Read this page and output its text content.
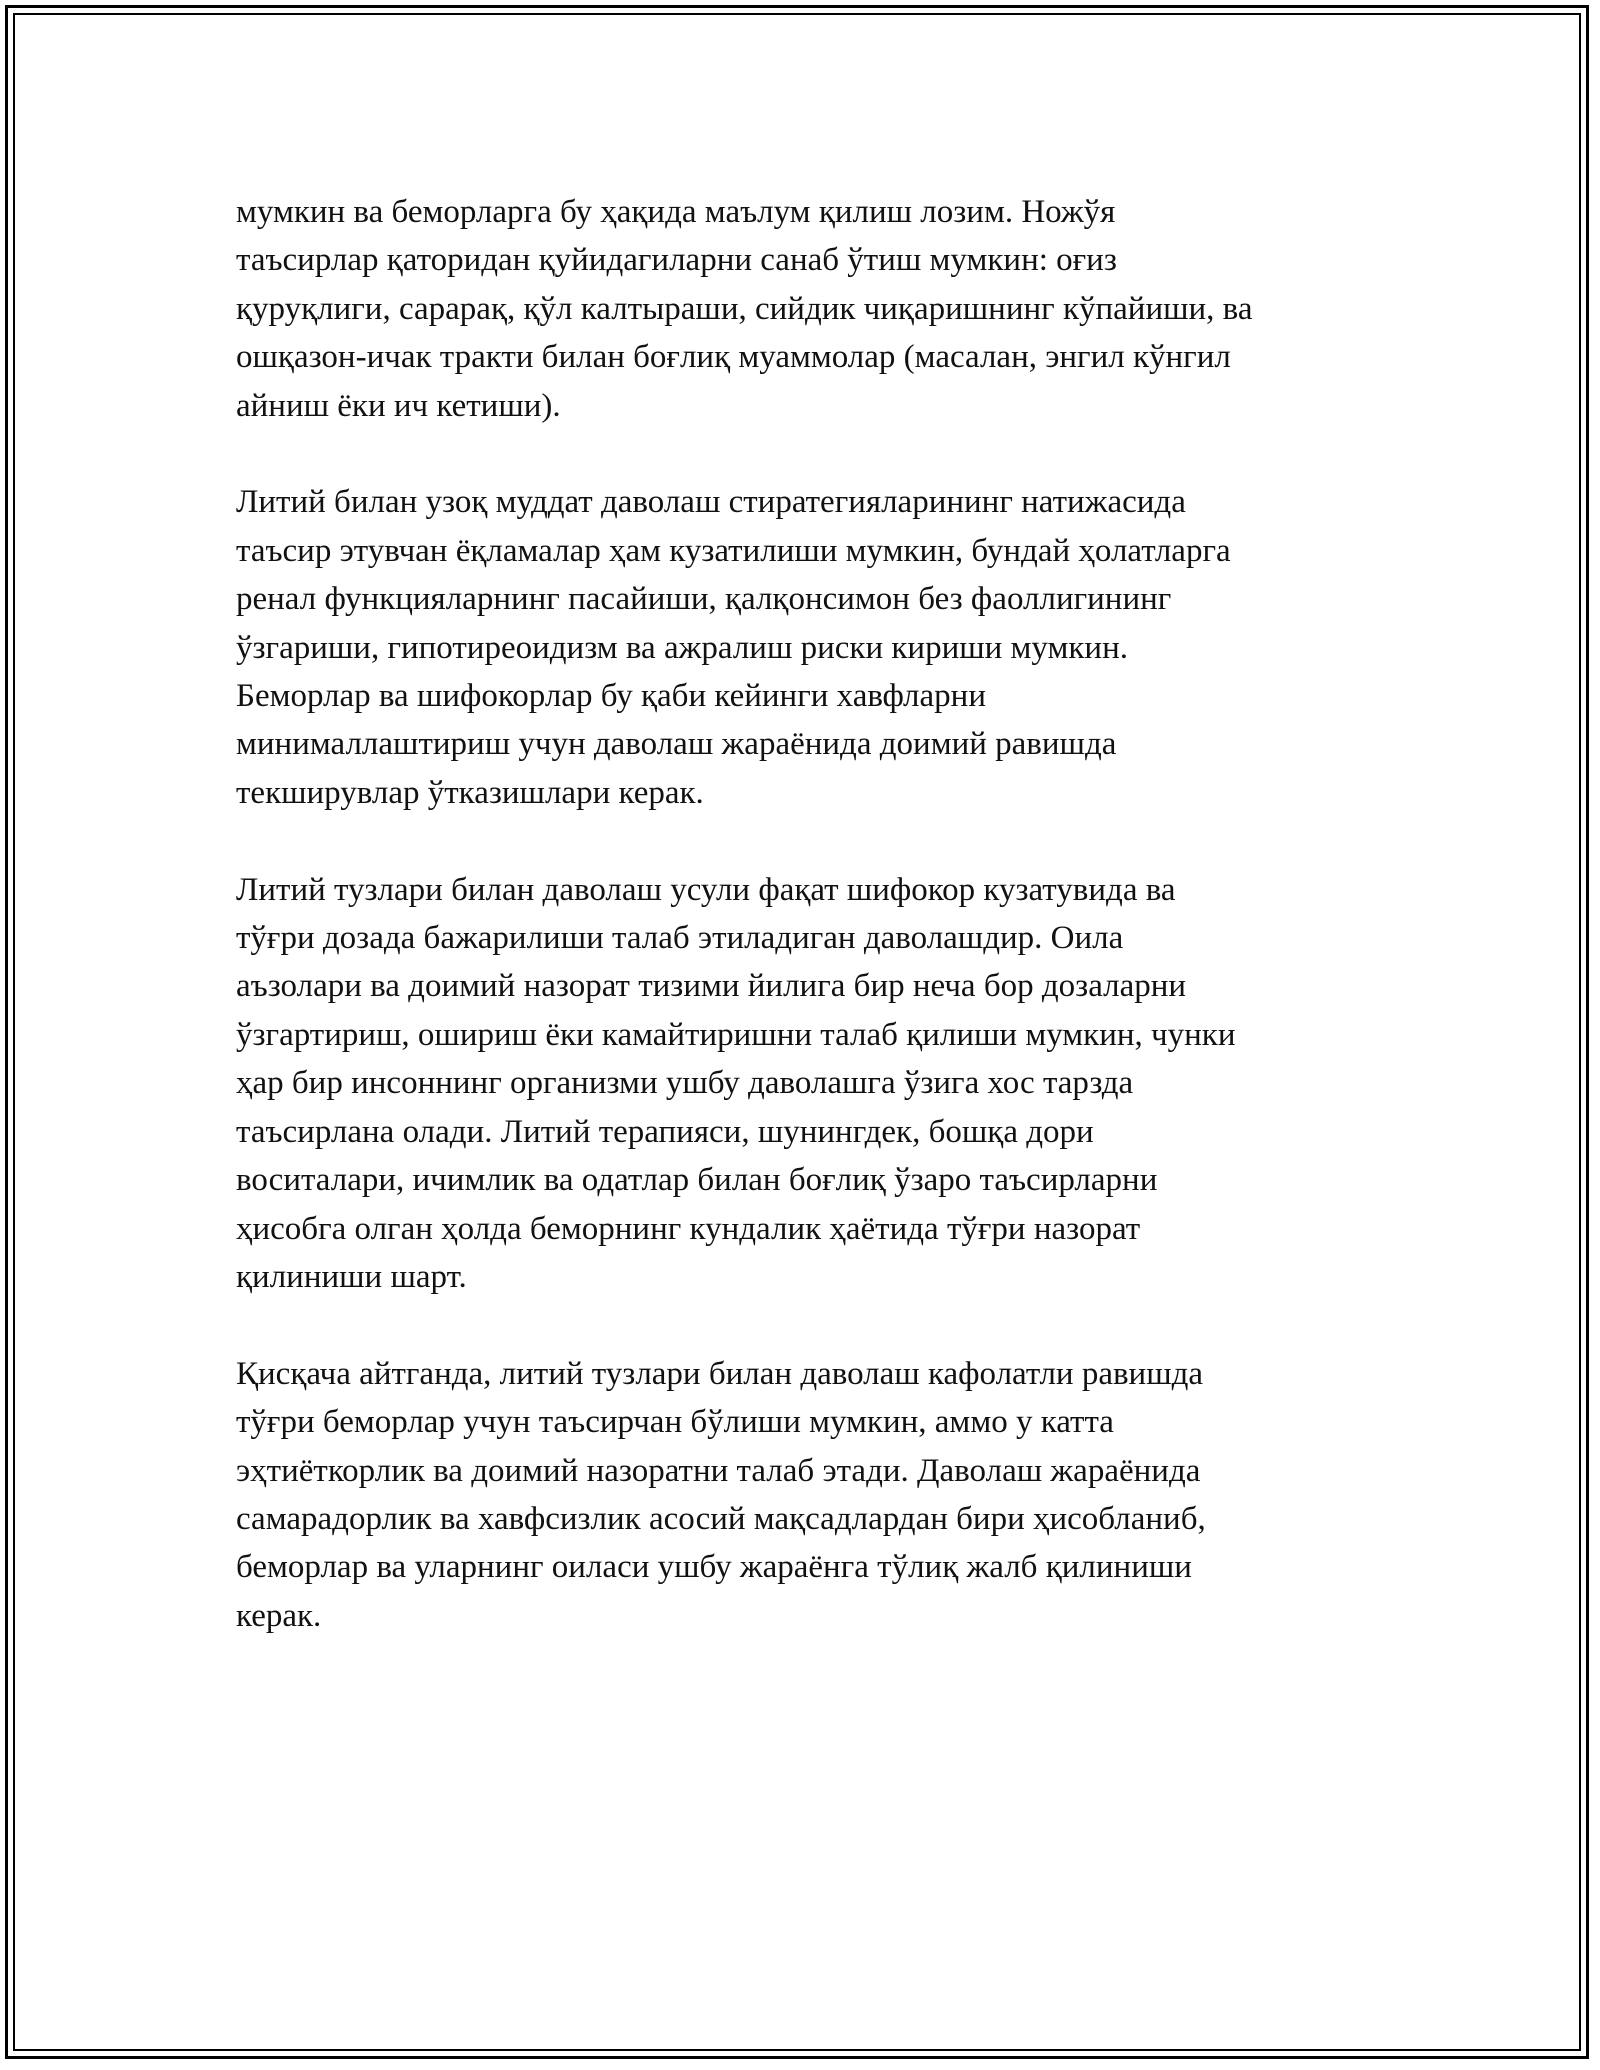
мумкин ва беморларга бу ҳақида маълум қилиш лозим. Ножўя
таъсирлар қаторидан қуйидагиларни санаб ўтиш мумкин: оғиз
қуруқлиги, сарарақ, қўл калтыраши, сийдик чиқаришнинг кўпайиши, ва
ошқазон-ичак тракти билан боғлиқ муаммолар (масалан, энгил кўнгил
айниш ёки ич кетиши).

Литий билан узоқ муддат даволаш стиратегияларининг натижасида
таъсир этувчан ёқламалар ҳам кузатилиши мумкин, бундай ҳолатларга
ренал функцияларнинг пасайиши, қалқонсимон без фаоллигининг
ўзгариши, гипотиреоидизм ва ажралиш риски кириши мумкин.
Беморлар ва шифокорлар бу қаби кейинги хавфларни
минималлаштириш учун даволаш жараёнида доимий равишда
текширувлар ўтказишлари керак.

Литий тузлари билан даволаш усули фақат шифокор кузатувида ва
тўғри дозада бажарилиши талаб этиладиган даволашдир. Оила
аъзолари ва доимий назорат тизими йилига бир неча бор дозаларни
ўзгартириш, ошириш ёки камайтиришни талаб қилиши мумкин, чунки
ҳар бир инсоннинг организми ушбу даволашга ўзига хос тарзда
таъсирлана олади. Литий терапияси, шунингдек, бошқа дори
воситалари, ичимлик ва одатлар билан боғлиқ ўзаро таъсирларни
ҳисобга олган ҳолда беморнинг кундалик ҳаётида тўғри назорат
қилиниши шарт.

Қисқача айтганда, литий тузлари билан даволаш кафолатли равишда
тўғри беморлар учун таъсирчан бўлиши мумкин, аммо у катта
эҳтиёткорлик ва доимий назоратни талаб этади. Даволаш жараёнида
самарадорлик ва хавфсизлик асосий мақсадлардан бири ҳисобланиб,
беморлар ва уларнинг оиласи ушбу жараёнга тўлиқ жалб қилиниши
керак.
